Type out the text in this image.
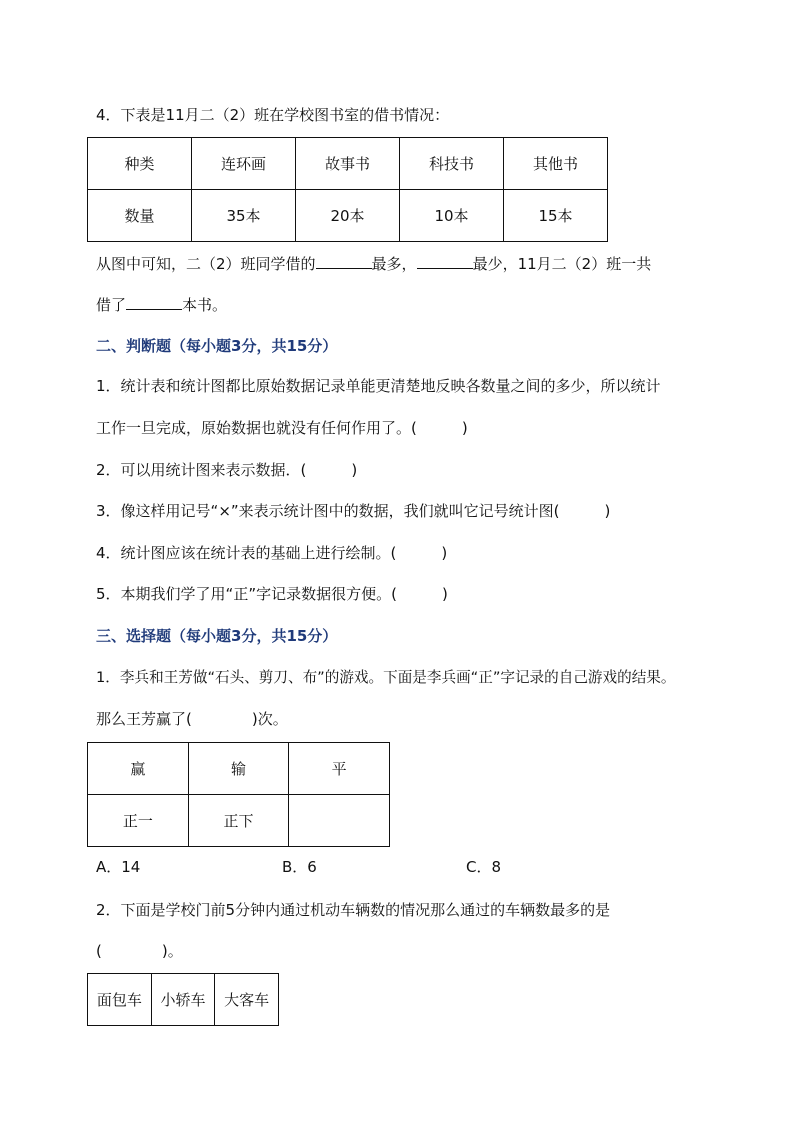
4．下表是11月二（2）班在学校图书室的借书情况：
种类	连环画	故事书	科技书	其他书
数量	35本	20本	10本	15本
从图中可知，二（2）班同学借的	最多，	最少，11月二（2）班一共
借了	本书。
二、判断题（每小题3分，共15分）
1．统计表和统计图都比原始数据记录单能更清楚地反映各数量之间的多少，所以统计
工作一旦完成，原始数据也就没有任何作用了。(　　　)
2．可以用统计图来表示数据．(　　　)
3．像这样用记号“×”来表示统计图中的数据，我们就叫它记号统计图(　　　)
4．统计图应该在统计表的基础上进行绘制。(　　　)
5．本期我们学了用“正”字记录数据很方便。(　　　)
三、选择题（每小题3分，共15分）
1．李兵和王芳做“石头、剪刀、布”的游戏。下面是李兵画“正”字记录的自己游戏的结果。
那么王芳赢了(　　　　)次。
赢	输	平
正一	正下	
A．14	B．6	C．8
2．下面是学校门前5分钟内通过机动车辆数的情况那么通过的车辆数最多的是
(　　　　)。
面包车	小轿车	大客车
